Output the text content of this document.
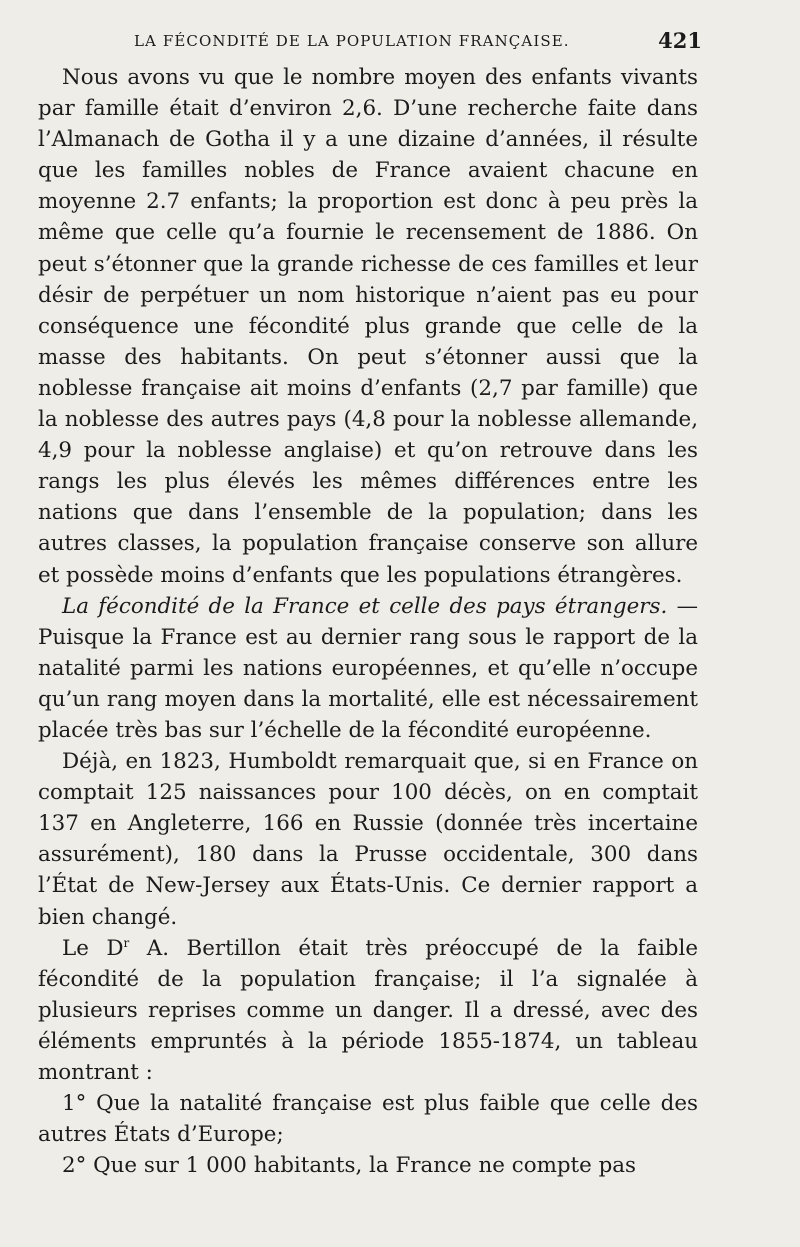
LA FÉCONDITÉ DE LA POPULATION FRANÇAISE.	421

Nous avons vu que le nombre moyen des enfants vivants par famille était d’environ 2,6. D’une recherche faite dans l’Almanach de Gotha il y a une dizaine d’années, il résulte que les familles nobles de France avaient chacune en moyenne 2.7 enfants; la proportion est donc à peu près la même que celle qu’a fournie le recensement de 1886. On peut s’étonner que la grande richesse de ces familles et leur désir de perpétuer un nom historique n’aient pas eu pour conséquence une fécondité plus grande que celle de la masse des habitants. On peut s’étonner aussi que la noblesse française ait moins d’enfants (2,7 par famille) que la noblesse des autres pays (4,8 pour la noblesse allemande, 4,9 pour la noblesse anglaise) et qu’on retrouve dans les rangs les plus élevés les mêmes différences entre les nations que dans l’ensemble de la population; dans les autres classes, la population française conserve son allure et possède moins d’enfants que les populations étrangères.

La fécondité de la France et celle des pays étrangers. — Puisque la France est au dernier rang sous le rapport de la natalité parmi les nations européennes, et qu’elle n’occupe qu’un rang moyen dans la mortalité, elle est nécessairement placée très bas sur l’échelle de la fécondité européenne.

Déjà, en 1823, Humboldt remarquait que, si en France on comptait 125 naissances pour 100 décès, on en comptait 137 en Angleterre, 166 en Russie (donnée très incertaine assurément), 180 dans la Prusse occidentale, 300 dans l’État de New-Jersey aux États-Unis. Ce dernier rapport a bien changé.

Le $D^r$ A. Bertillon était très préoccupé de la faible fécondité de la population française; il l’a signalée à plusieurs reprises comme un danger. Il a dressé, avec des éléments empruntés à la période 1855-1874, un tableau montrant :

1° Que la natalité française est plus faible que celle des autres États d’Europe;

2° Que sur 1 000 habitants, la France ne compte pas
